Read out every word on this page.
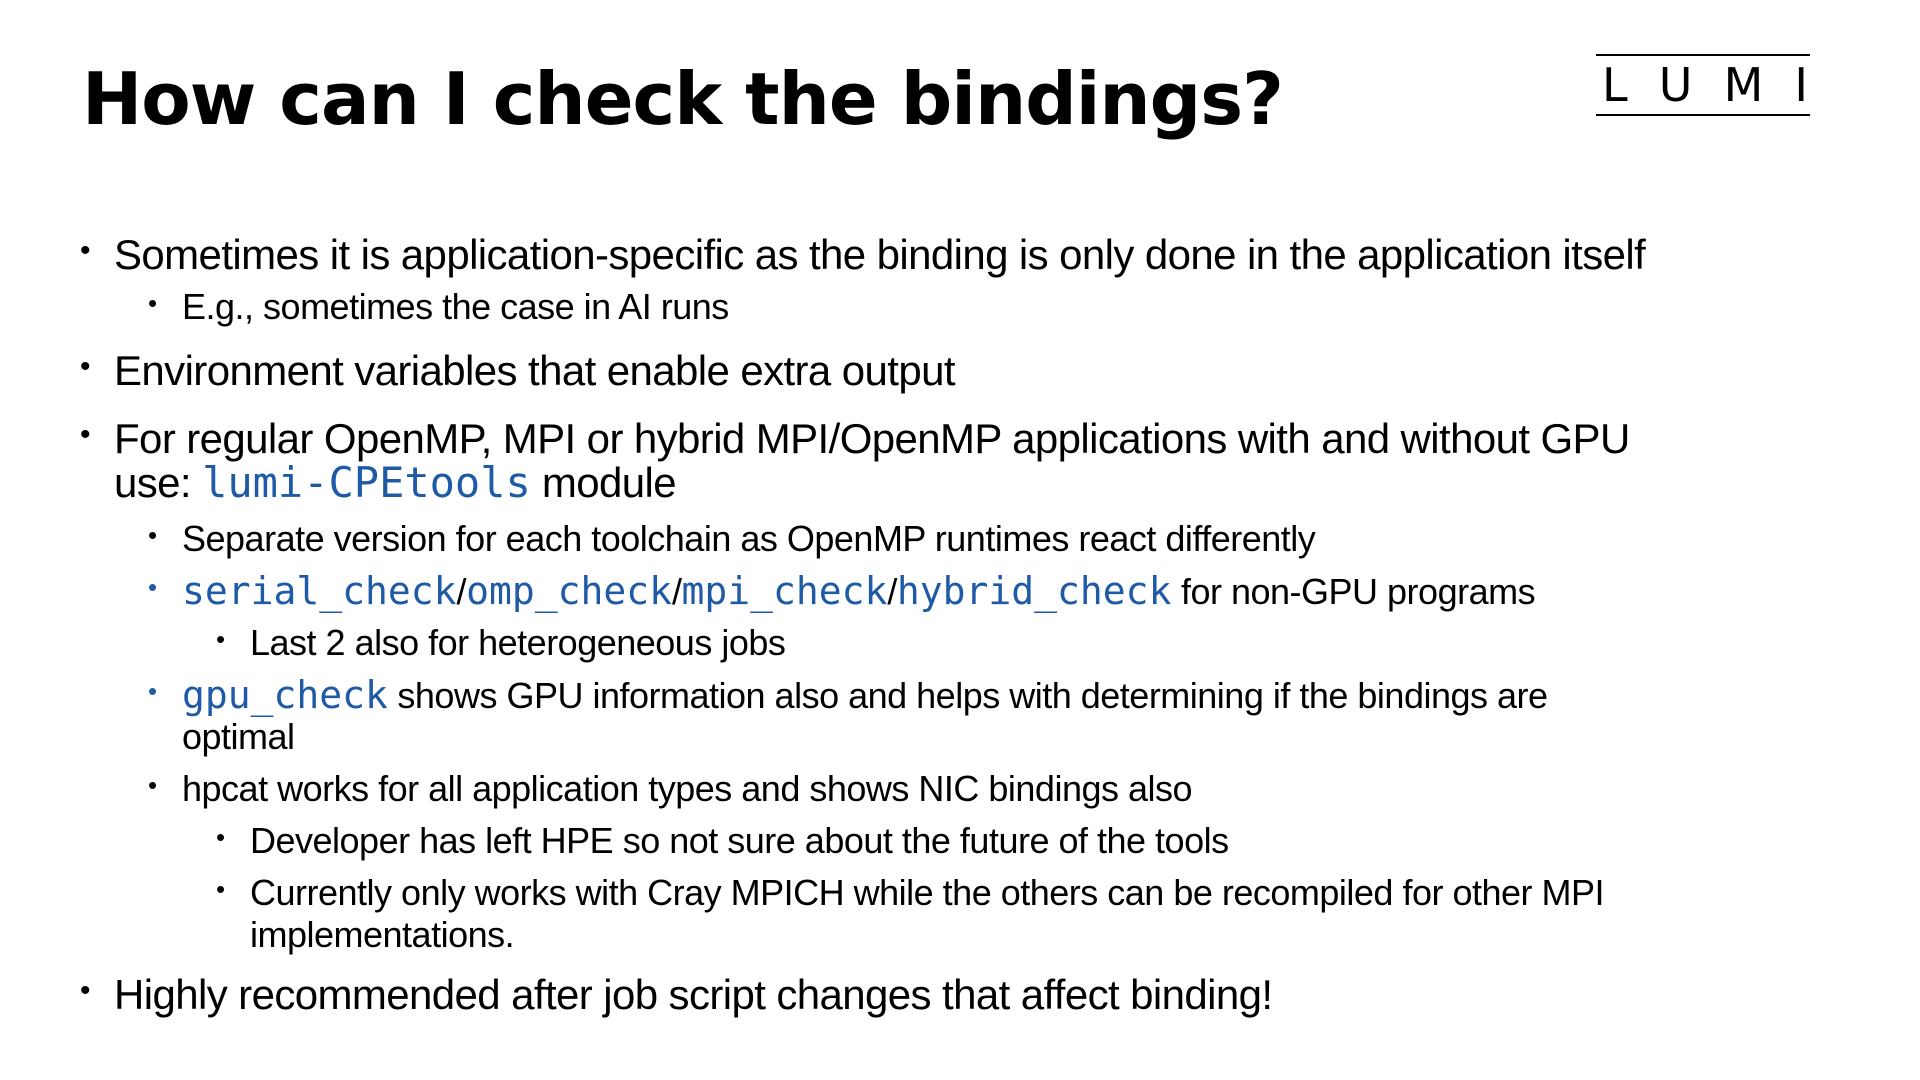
How can I check the bindings?	L U M I
• Sometimes it is application-specific as the binding is only done in the application itself
• E.g., sometimes the case in AI runs
• Environment variables that enable extra output
• For regular OpenMP, MPI or hybrid MPI/OpenMP applications with and without GPU
use: lumi-CPEtools module
• Separate version for each toolchain as OpenMP runtimes react differently
• serial_check/omp_check/mpi_check/hybrid_check for non-GPU programs
• Last 2 also for heterogeneous jobs
• gpu_check shows GPU information also and helps with determining if the bindings are
optimal
• hpcat works for all application types and shows NIC bindings also
• Developer has left HPE so not sure about the future of the tools
• Currently only works with Cray MPICH while the others can be recompiled for other MPI
implementations.
• Highly recommended after job script changes that affect binding!
